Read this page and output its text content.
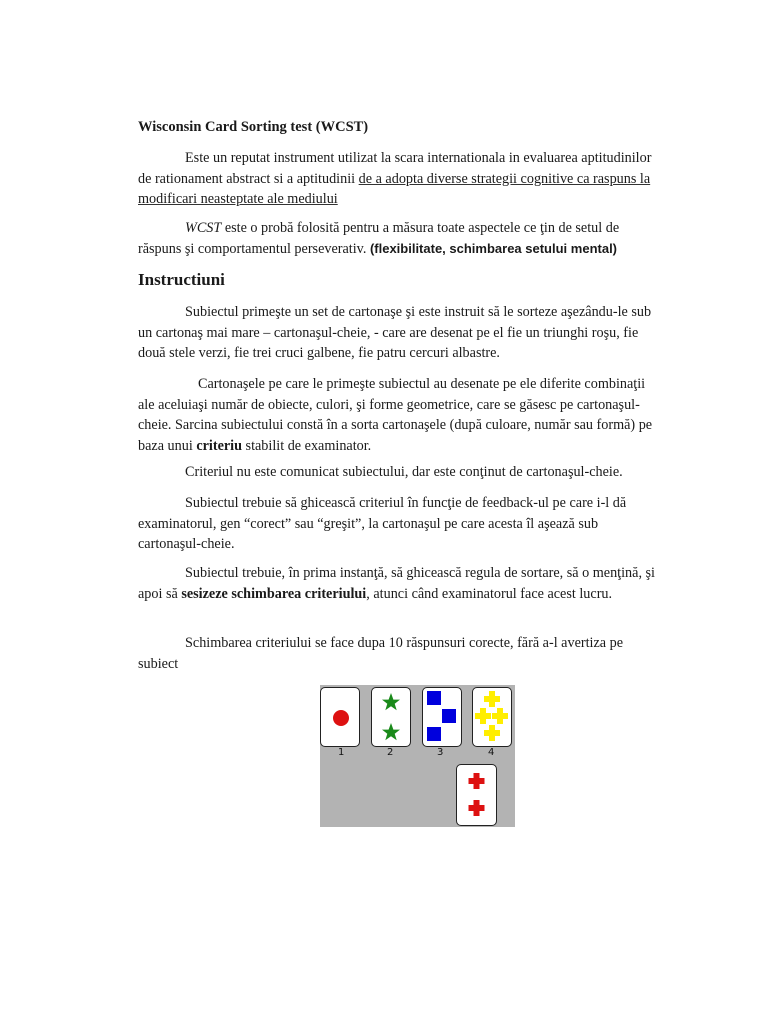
Wisconsin Card Sorting test (WCST)
Este un reputat instrument utilizat la scara internationala in evaluarea aptitudinilor de rationament abstract si a aptitudinii de a adopta diverse strategii cognitive ca raspuns la modificari neasteptate ale mediului
WCST este o probă folosită pentru a măsura toate aspectele ce ţin de setul de răspuns şi comportamentul perseverativ. (flexibilitate, schimbarea setului mental)
Instructiuni
Subiectul primeşte un set de cartonaşe şi este instruit să le sorteze aşezându-le sub un cartonaş mai mare – cartonaşul-cheie, - care are desenat pe el fie un triunghi roşu, fie două stele verzi, fie trei cruci galbene, fie patru cercuri albastre.
Cartonaşele pe care le primeşte subiectul au desenate pe ele diferite combinaţii ale aceluiaşi număr de obiecte, culori, şi forme geometrice, care se găsesc pe cartonaşul-cheie. Sarcina subiectului constă în a sorta cartonaşele (după culoare, număr sau formă) pe baza unui criteriu stabilit de examinator.
Criteriul nu este comunicat subiectului, dar este conţinut de cartonaşul-cheie.
Subiectul trebuie să ghicească criteriul în funcţie de feedback-ul pe care i-l dă examinatorul, gen “corect” sau “greşit”, la cartonaşul pe care acesta îl aşează sub cartonaşul-cheie.
Subiectul trebuie, în prima instanţă, să ghicească regula de sortare, să o menţină, şi apoi să sesizeze schimbarea criteriului, atunci când examinatorul face acest lucru.
Schimbarea criteriului se face dupa 10 răspunsuri corecte, fără a-l avertiza pe subiect
1	2	3	4
